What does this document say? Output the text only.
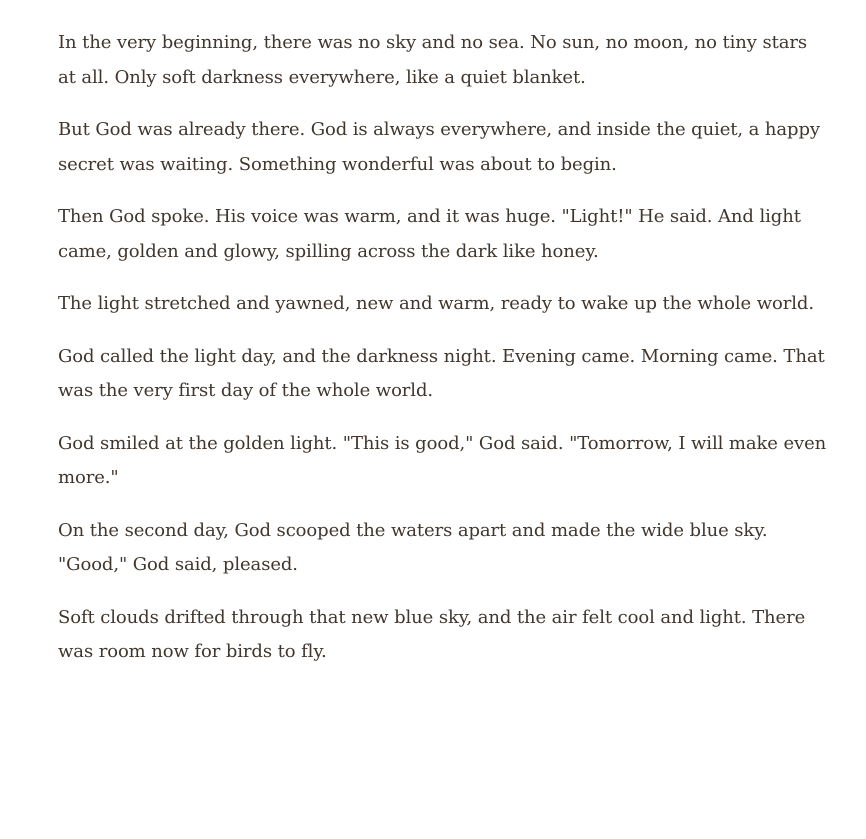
In the very beginning, there was no sky and no sea. No sun, no moon, no tiny stars at all. Only soft darkness everywhere, like a quiet blanket.

But God was already there. God is always everywhere, and inside the quiet, a happy secret was waiting. Something wonderful was about to begin.

Then God spoke. His voice was warm, and it was huge. "Light!" He said. And light came, golden and glowy, spilling across the dark like honey.

The light stretched and yawned, new and warm, ready to wake up the whole world.

God called the light day, and the darkness night. Evening came. Morning came. That was the very first day of the whole world.

God smiled at the golden light. "This is good," God said. "Tomorrow, I will make even more."

On the second day, God scooped the waters apart and made the wide blue sky. "Good," God said, pleased.

Soft clouds drifted through that new blue sky, and the air felt cool and light. There was room now for birds to fly.
